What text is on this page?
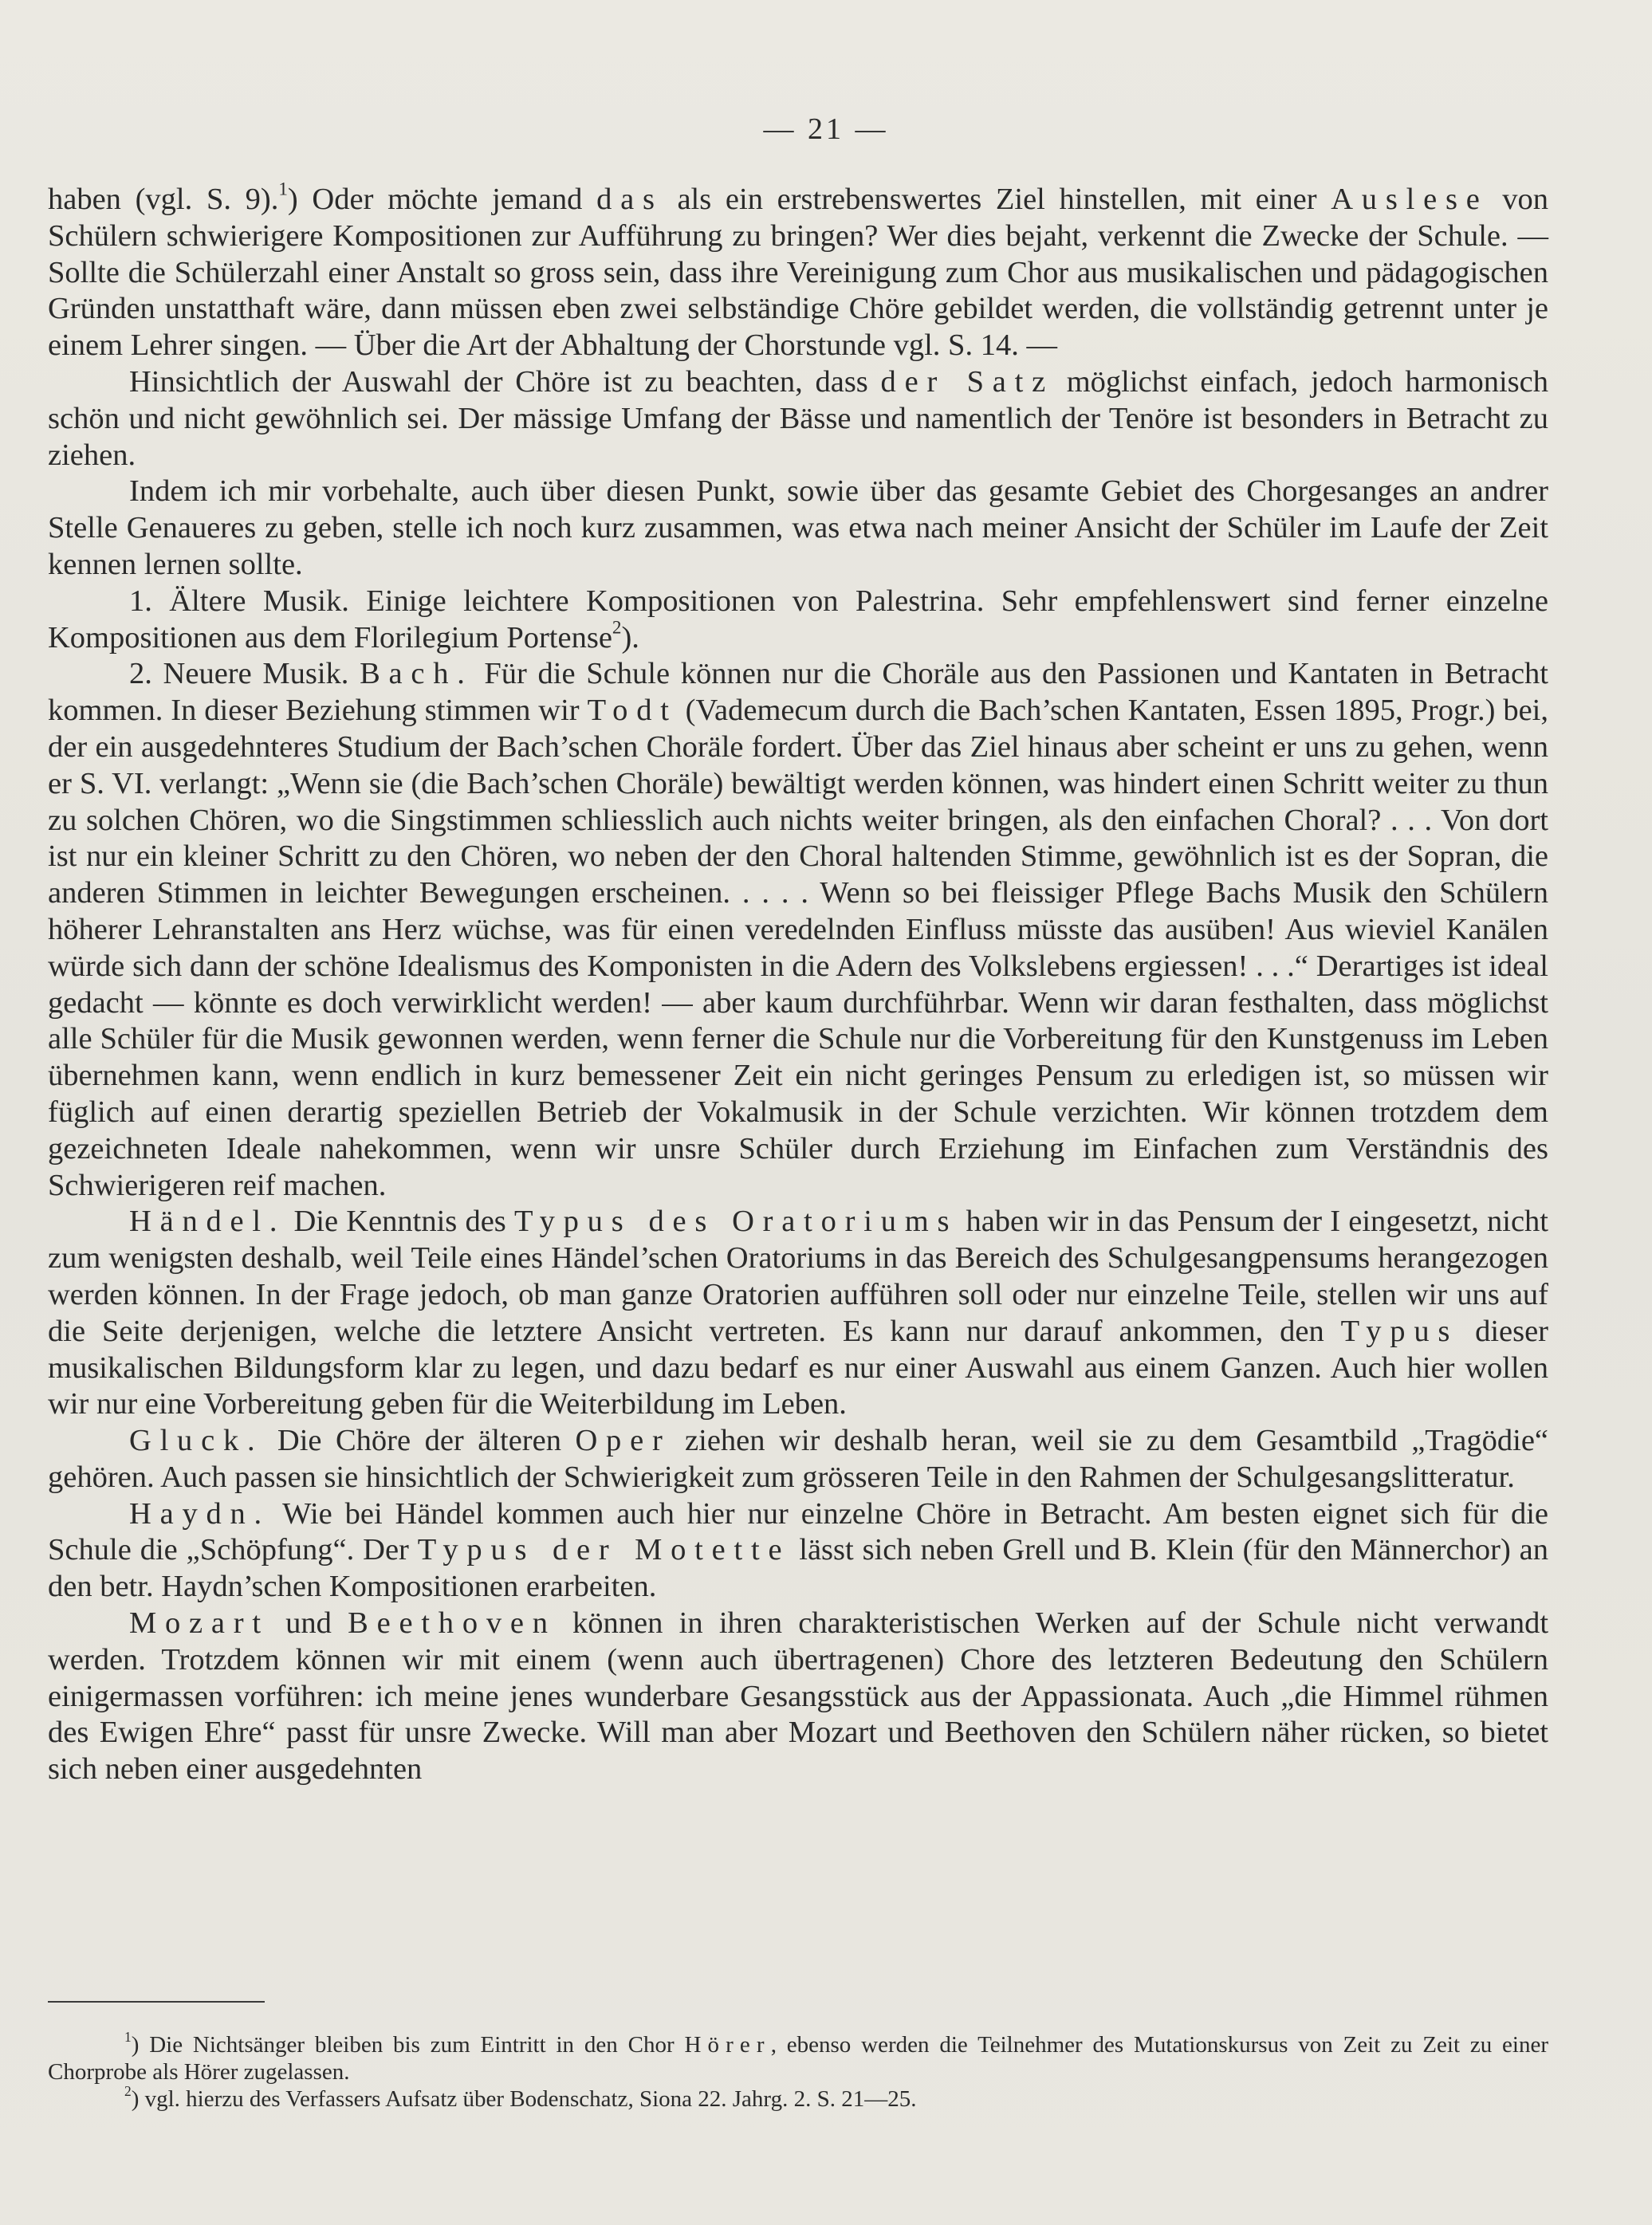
— 21 —

haben (vgl. S. 9).$^1$) Oder möchte jemand das als ein erstrebenswertes Ziel hinstellen, mit einer Auslese von Schülern schwierigere Kompositionen zur Aufführung zu bringen? Wer dies bejaht, verkennt die Zwecke der Schule. — Sollte die Schülerzahl einer Anstalt so gross sein, dass ihre Vereinigung zum Chor aus musikalischen und pädagogischen Gründen unstatthaft wäre, dann müssen eben zwei selbständige Chöre gebildet werden, die vollständig getrennt unter je einem Lehrer singen. — Über die Art der Abhaltung der Chorstunde vgl. S. 14. —

Hinsichtlich der Auswahl der Chöre ist zu beachten, dass der Satz möglichst einfach, jedoch harmonisch schön und nicht gewöhnlich sei. Der mässige Umfang der Bässe und namentlich der Tenöre ist besonders in Betracht zu ziehen.

Indem ich mir vorbehalte, auch über diesen Punkt, sowie über das gesamte Gebiet des Chorgesanges an andrer Stelle Genaueres zu geben, stelle ich noch kurz zusammen, was etwa nach meiner Ansicht der Schüler im Laufe der Zeit kennen lernen sollte.

1. Ältere Musik. Einige leichtere Kompositionen von Palestrina. Sehr empfehlenswert sind ferner einzelne Kompositionen aus dem Florilegium Portense$^2$).

2. Neuere Musik. Bach. Für die Schule können nur die Choräle aus den Passionen und Kantaten in Betracht kommen. In dieser Beziehung stimmen wir Todt (Vademecum durch die Bach’schen Kantaten, Essen 1895, Progr.) bei, der ein ausgedehnteres Studium der Bach’schen Choräle fordert. Über das Ziel hinaus aber scheint er uns zu gehen, wenn er S. VI. verlangt: „Wenn sie (die Bach’schen Choräle) bewältigt werden können, was hindert einen Schritt weiter zu thun zu solchen Chören, wo die Singstimmen schliesslich auch nichts weiter bringen, als den einfachen Choral? . . . Von dort ist nur ein kleiner Schritt zu den Chören, wo neben der den Choral haltenden Stimme, gewöhnlich ist es der Sopran, die anderen Stimmen in leichter Bewegungen erscheinen. . . . . Wenn so bei fleissiger Pflege Bachs Musik den Schülern höherer Lehranstalten ans Herz wüchse, was für einen veredelnden Einfluss müsste das ausüben! Aus wieviel Kanälen würde sich dann der schöne Idealismus des Komponisten in die Adern des Volkslebens ergiessen! . . .“ Derartiges ist ideal gedacht — könnte es doch verwirklicht werden! — aber kaum durchführbar. Wenn wir daran festhalten, dass möglichst alle Schüler für die Musik gewonnen werden, wenn ferner die Schule nur die Vorbereitung für den Kunstgenuss im Leben übernehmen kann, wenn endlich in kurz bemessener Zeit ein nicht geringes Pensum zu erledigen ist, so müssen wir füglich auf einen derartig speziellen Betrieb der Vokalmusik in der Schule verzichten. Wir können trotzdem dem gezeichneten Ideale nahekommen, wenn wir unsre Schüler durch Erziehung im Einfachen zum Verständnis des Schwierigeren reif machen.

Händel. Die Kenntnis des Typus des Oratoriums haben wir in das Pensum der I eingesetzt, nicht zum wenigsten deshalb, weil Teile eines Händel’schen Oratoriums in das Bereich des Schulgesangpensums herangezogen werden können. In der Frage jedoch, ob man ganze Oratorien aufführen soll oder nur einzelne Teile, stellen wir uns auf die Seite derjenigen, welche die letztere Ansicht vertreten. Es kann nur darauf ankommen, den Typus dieser musikalischen Bildungsform klar zu legen, und dazu bedarf es nur einer Auswahl aus einem Ganzen. Auch hier wollen wir nur eine Vorbereitung geben für die Weiterbildung im Leben.

Gluck. Die Chöre der älteren Oper ziehen wir deshalb heran, weil sie zu dem Gesamtbild „Tragödie“ gehören. Auch passen sie hinsichtlich der Schwierigkeit zum grösseren Teile in den Rahmen der Schulgesangslitteratur.

Haydn. Wie bei Händel kommen auch hier nur einzelne Chöre in Betracht. Am besten eignet sich für die Schule die „Schöpfung“. Der Typus der Motette lässt sich neben Grell und B. Klein (für den Männerchor) an den betr. Haydn’schen Kompositionen erarbeiten.

Mozart und Beethoven können in ihren charakteristischen Werken auf der Schule nicht verwandt werden. Trotzdem können wir mit einem (wenn auch übertragenen) Chore des letzteren Bedeutung den Schülern einigermassen vorführen: ich meine jenes wunderbare Gesangsstück aus der Appassionata. Auch „die Himmel rühmen des Ewigen Ehre“ passt für unsre Zwecke. Will man aber Mozart und Beethoven den Schülern näher rücken, so bietet sich neben einer ausgedehnten

$^1$) Die Nichtsänger bleiben bis zum Eintritt in den Chor Hörer, ebenso werden die Teilnehmer des Mutationskursus von Zeit zu Zeit zu einer Chorprobe als Hörer zugelassen.

$^2$) vgl. hierzu des Verfassers Aufsatz über Bodenschatz, Siona 22. Jahrg. 2. S. 21—25.
